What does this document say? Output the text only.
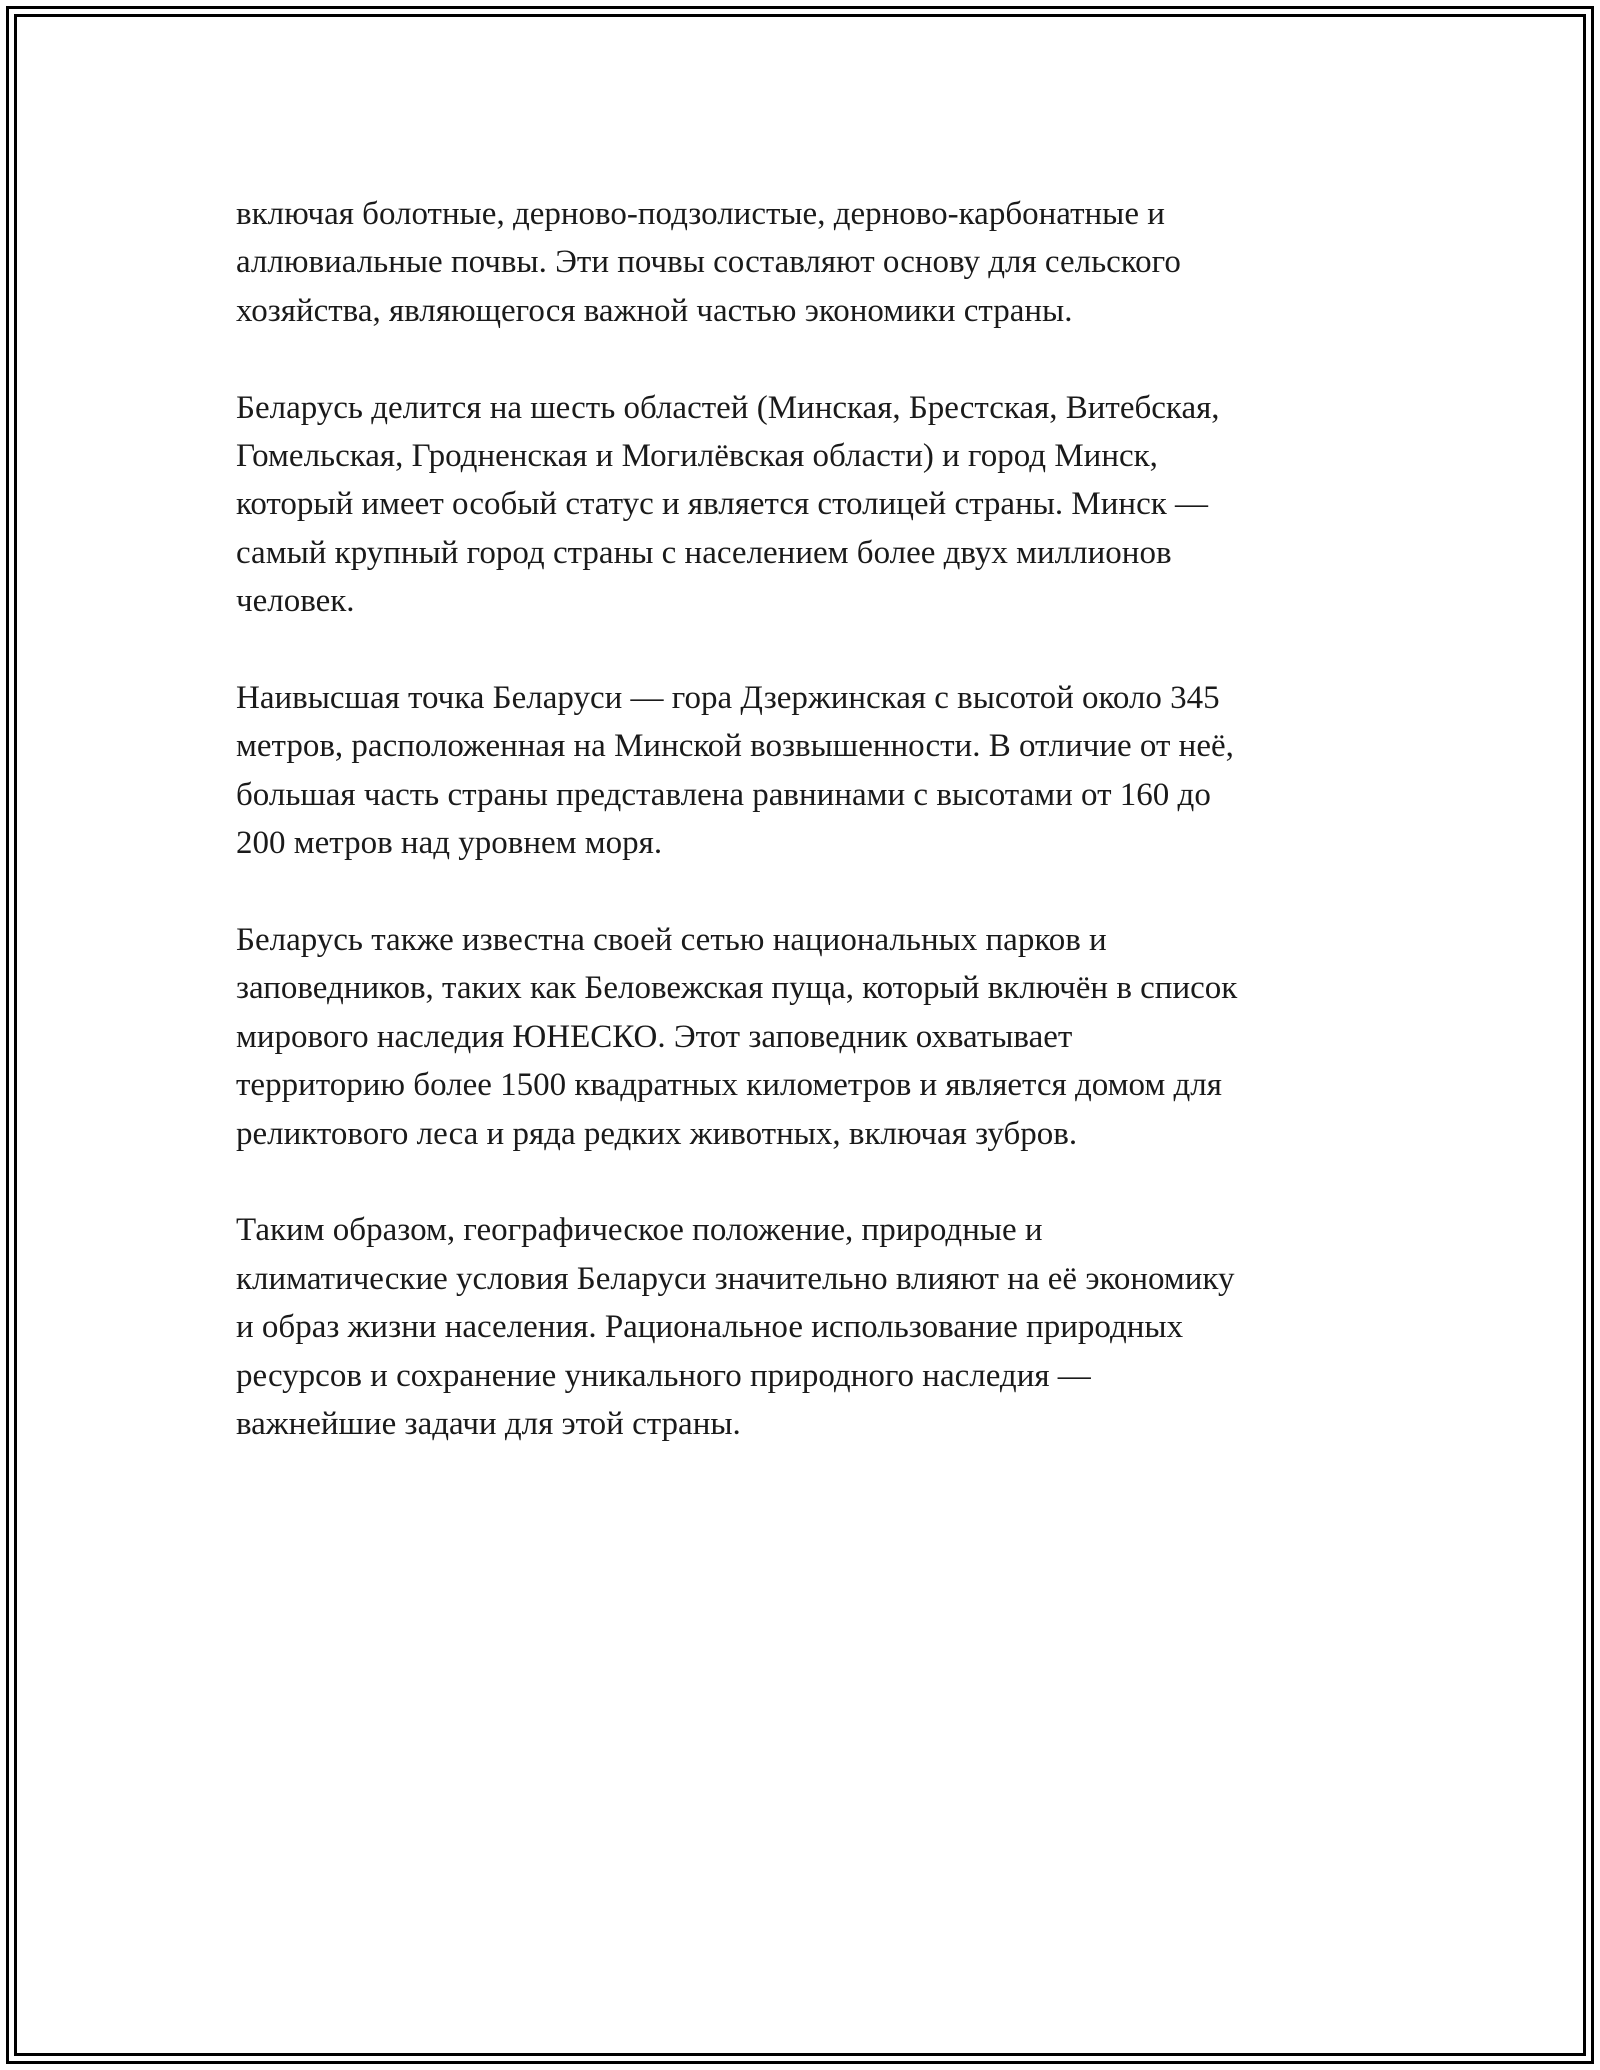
включая болотные, дерново-подзолистые, дерново-карбонатные и
аллювиальные почвы. Эти почвы составляют основу для сельского
хозяйства, являющегося важной частью экономики страны.

Беларусь делится на шесть областей (Минская, Брестская, Витебская,
Гомельская, Гродненская и Могилёвская области) и город Минск,
который имеет особый статус и является столицей страны. Минск —
самый крупный город страны с населением более двух миллионов
человек.

Наивысшая точка Беларуси — гора Дзержинская с высотой около 345
метров, расположенная на Минской возвышенности. В отличие от неё,
большая часть страны представлена равнинами с высотами от 160 до
200 метров над уровнем моря.

Беларусь также известна своей сетью национальных парков и
заповедников, таких как Беловежская пуща, который включён в список
мирового наследия ЮНЕСКО. Этот заповедник охватывает
территорию более 1500 квадратных километров и является домом для
реликтового леса и ряда редких животных, включая зубров.

Таким образом, географическое положение, природные и
климатические условия Беларуси значительно влияют на её экономику
и образ жизни населения. Рациональное использование природных
ресурсов и сохранение уникального природного наследия —
важнейшие задачи для этой страны.
